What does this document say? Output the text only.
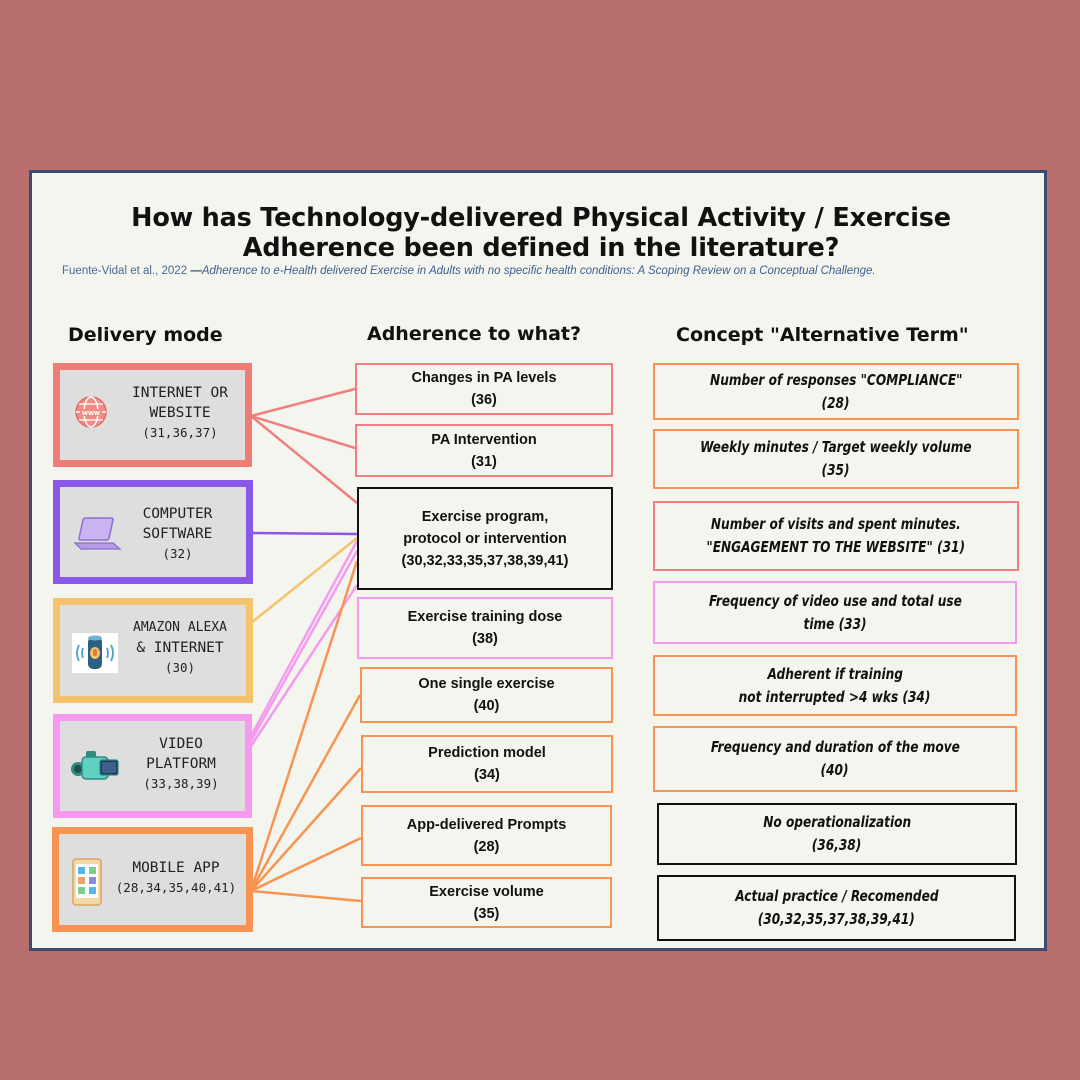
How has Technology-delivered Physical Activity / Exercise
Adherence been defined in the literature?
Fuente-Vidal et al., 2022 —Adherence to e-Health delivered Exercise in Adults with no specific health conditions: A Scoping Review on a Conceptual Challenge.
Delivery mode	Adherence to what?	Concept "Alternative Term"
WWW
INTERNET OR
WEBSITE
(31,36,37)
COMPUTER
SOFTWARE
(32)
AMAZON ALEXA
& INTERNET
(30)
VIDEO
PLATFORM
(33,38,39)
MOBILE APP
(28,34,35,40,41)
Changes in PA levels
(36)
PA Intervention
(31)
Exercise program,
protocol or intervention
(30,32,33,35,37,38,39,41)
Exercise training dose
(38)
One single exercise
(40)
Prediction model
(34)
App-delivered Prompts
(28)
Exercise volume
(35)
Number of responses "COMPLIANCE"
(28)
Weekly minutes / Target weekly volume
(35)
Number of visits and spent minutes.
"ENGAGEMENT TO THE WEBSITE" (31)
Frequency of video use and total use
time (33)
Adherent if training
not interrupted >4 wks (34)
Frequency and duration of the move
(40)
No operationalization
(36,38)
Actual practice / Recomended
(30,32,35,37,38,39,41)
